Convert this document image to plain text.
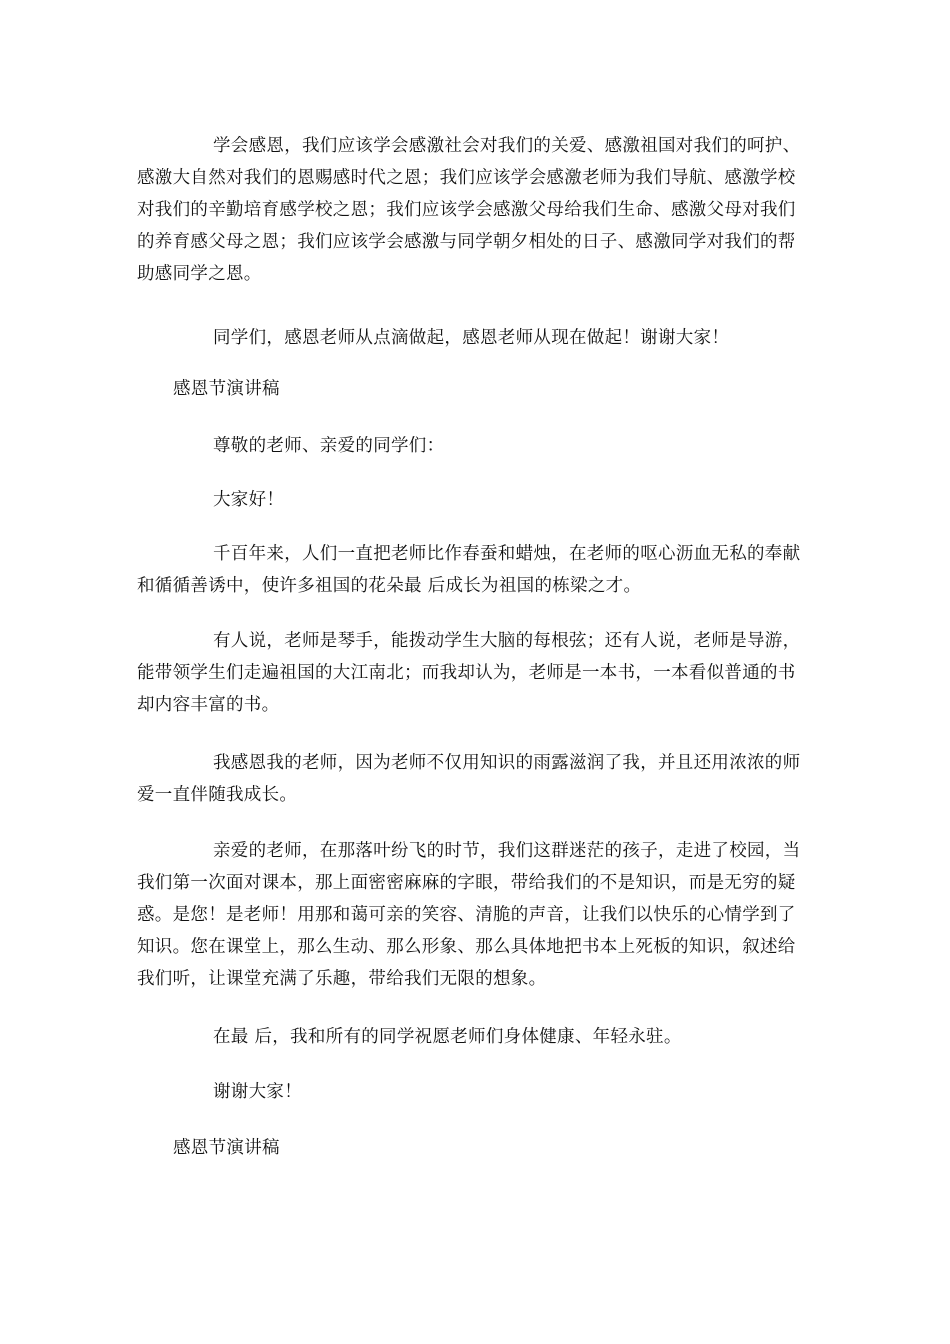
学会感恩，我们应该学会感激社会对我们的关爱、感激祖国对我们的呵护、感激大自然对我们的恩赐感时代之恩；我们应该学会感激老师为我们导航、感激学校对我们的辛勤培育感学校之恩；我们应该学会感激父母给我们生命、感激父母对我们的养育感父母之恩；我们应该学会感激与同学朝夕相处的日子、感激同学对我们的帮助感同学之恩。

同学们，感恩老师从点滴做起，感恩老师从现在做起！谢谢大家！

感恩节演讲稿

尊敬的老师、亲爱的同学们：

大家好！

千百年来，人们一直把老师比作春蚕和蜡烛，在老师的呕心沥血无私的奉献和循循善诱中，使许多祖国的花朵最 后成长为祖国的栋梁之才。

有人说，老师是琴手，能拨动学生大脑的每根弦；还有人说，老师是导游，能带领学生们走遍祖国的大江南北；而我却认为，老师是一本书，一本看似普通的书却内容丰富的书。

我感恩我的老师，因为老师不仅用知识的雨露滋润了我，并且还用浓浓的师爱一直伴随我成长。

亲爱的老师，在那落叶纷飞的时节，我们这群迷茫的孩子，走进了校园，当我们第一次面对课本，那上面密密麻麻的字眼，带给我们的不是知识，而是无穷的疑惑。是您！是老师！用那和蔼可亲的笑容、清脆的声音，让我们以快乐的心情学到了知识。您在课堂上，那么生动、那么形象、那么具体地把书本上死板的知识，叙述给我们听，让课堂充满了乐趣，带给我们无限的想象。

在最 后，我和所有的同学祝愿老师们身体健康、年轻永驻。

谢谢大家！

感恩节演讲稿
